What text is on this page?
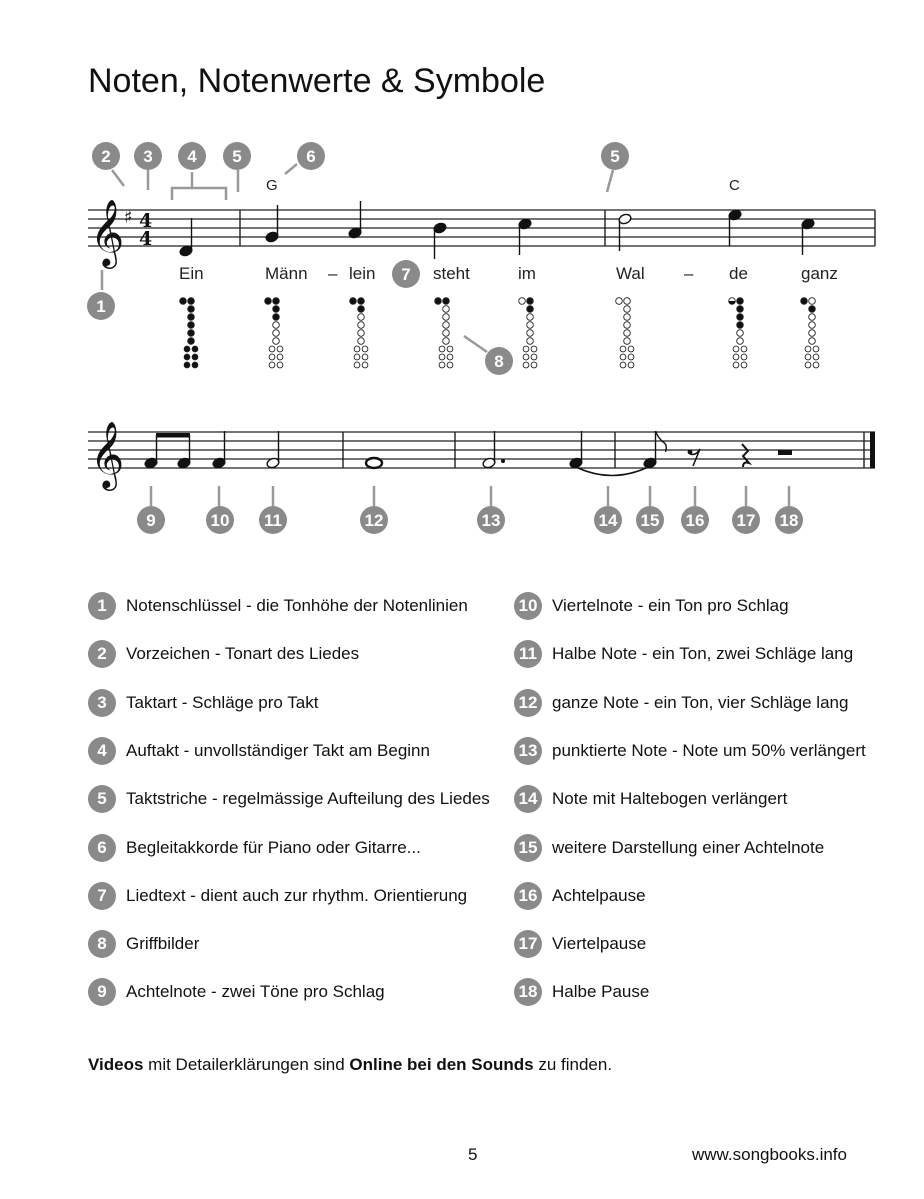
Noten, Notenwerte & Symbole
𝄞 ♯ 4
4
G	C
Ein	Männ – lein	steht	im	Wal – de	ganz
𝄞
1
2 3 4 5	5
6
7
8
9	10 11	12	13	14 15 16 17 18
1	Notenschlüssel - die Tonhöhe der Notenlinien
2	Vorzeichen - Tonart des Liedes
3	Taktart - Schläge pro Takt
4	Auftakt - unvollständiger Takt am Beginn
5	Taktstriche - regelmässige Aufteilung des Liedes
6	Begleitakkorde für Piano oder Gitarre...
7	Liedtext - dient auch zur rhythm. Orientierung
8	Griffbilder
9	Achtelnote - zwei Töne pro Schlag
10 Viertelnote - ein Ton pro Schlag
11 Halbe Note - ein Ton, zwei Schläge lang
12 ganze Note - ein Ton, vier Schläge lang
13 punktierte Note - Note um 50% verlängert
14 Note mit Haltebogen verlängert
15 weitere Darstellung einer Achtelnote
16 Achtelpause
17 Viertelpause
18 Halbe Pause
Videos mit Detailerklärungen sind Online bei den Sounds zu finden.
5	www.songbooks.info
